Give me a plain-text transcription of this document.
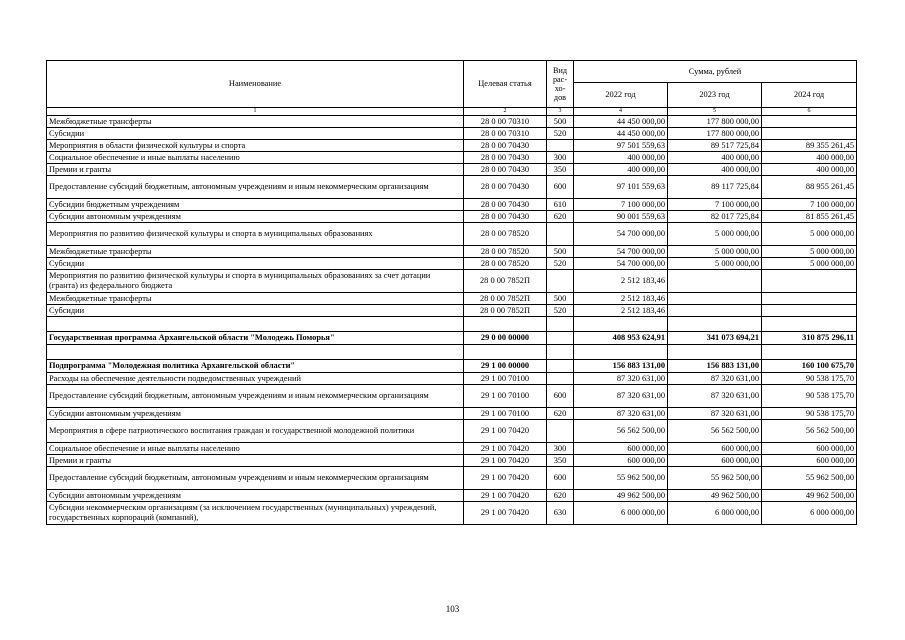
Наименование	Целевая статья	Вид рас- хо- дов	Сумма, рублей		
			2022 год	2023 год	2024 год
1	2	3	4	5	6
Межбюджетные трансферты	28 0 00 70310	500	44 450 000,00	177 800 000,00	
Субсидии	28 0 00 70310	520	44 450 000,00	177 800 000,00	
Мероприятия в области физической культуры и спорта	28 0 00 70430		97 501 559,63	89 517 725,84	89 355 261,45
Социальное обеспечение и иные выплаты населению	28 0 00 70430	300	400 000,00	400 000,00	400 000,00
Премии и гранты	28 0 00 70430	350	400 000,00	400 000,00	400 000,00
Предоставление субсидий бюджетным, автономным учреждениям и иным некоммерческим организациям	28 0 00 70430	600	97 101 559,63	89 117 725,84	88 955 261,45
Субсидии бюджетным учреждениям	28 0 00 70430	610	7 100 000,00	7 100 000,00	7 100 000,00
Субсидии автономным учреждениям	28 0 00 70430	620	90 001 559,63	82 017 725,84	81 855 261,45
Мероприятия по развитию физической культуры и спорта в муниципальных образованиях	28 0 00 78520		54 700 000,00	5 000 000,00	5 000 000,00
Межбюджетные трансферты	28 0 00 78520	500	54 700 000,00	5 000 000,00	5 000 000,00
Субсидии	28 0 00 78520	520	54 700 000,00	5 000 000,00	5 000 000,00
Мероприятия по развитию физической культуры и спорта в муниципальных образованиях за счет дотации (гранта) из федерального бюджета	28 0 00 7852П		2 512 183,46		
Межбюджетные трансферты	28 0 00 7852П	500	2 512 183,46		
Субсидии	28 0 00 7852П	520	2 512 183,46		

Государственная программа Архангельской области "Молодежь Поморья"	29 0 00 00000		408 953 624,91	341 073 694,21	310 875 296,11

Подпрограмма "Молодежная политика Архангельской области"	29 1 00 00000		156 883 131,00	156 883 131,00	160 100 675,70
Расходы на обеспечение деятельности подведомственных учреждений	29 1 00 70100		87 320 631,00	87 320 631,00	90 538 175,70
Предоставление субсидий бюджетным, автономным учреждениям и иным некоммерческим организациям	29 1 00 70100	600	87 320 631,00	87 320 631,00	90 538 175,70
Субсидии автономным учреждениям	29 1 00 70100	620	87 320 631,00	87 320 631,00	90 538 175,70
Мероприятия в сфере патриотического воспитания граждан и государственной молодежной политики	29 1 00 70420		56 562 500,00	56 562 500,00	56 562 500,00
Социальное обеспечение и иные выплаты населению	29 1 00 70420	300	600 000,00	600 000,00	600 000,00
Премии и гранты	29 1 00 70420	350	600 000,00	600 000,00	600 000,00
Предоставление субсидий бюджетным, автономным учреждениям и иным некоммерческим организациям	29 1 00 70420	600	55 962 500,00	55 962 500,00	55 962 500,00
Субсидии автономным учреждениям	29 1 00 70420	620	49 962 500,00	49 962 500,00	49 962 500,00
Субсидии некоммерческим организациям (за исключением государственных (муниципальных) учреждений, государственных корпораций (компаний),	29 1 00 70420	630	6 000 000,00	6 000 000,00	6 000 000,00
103
